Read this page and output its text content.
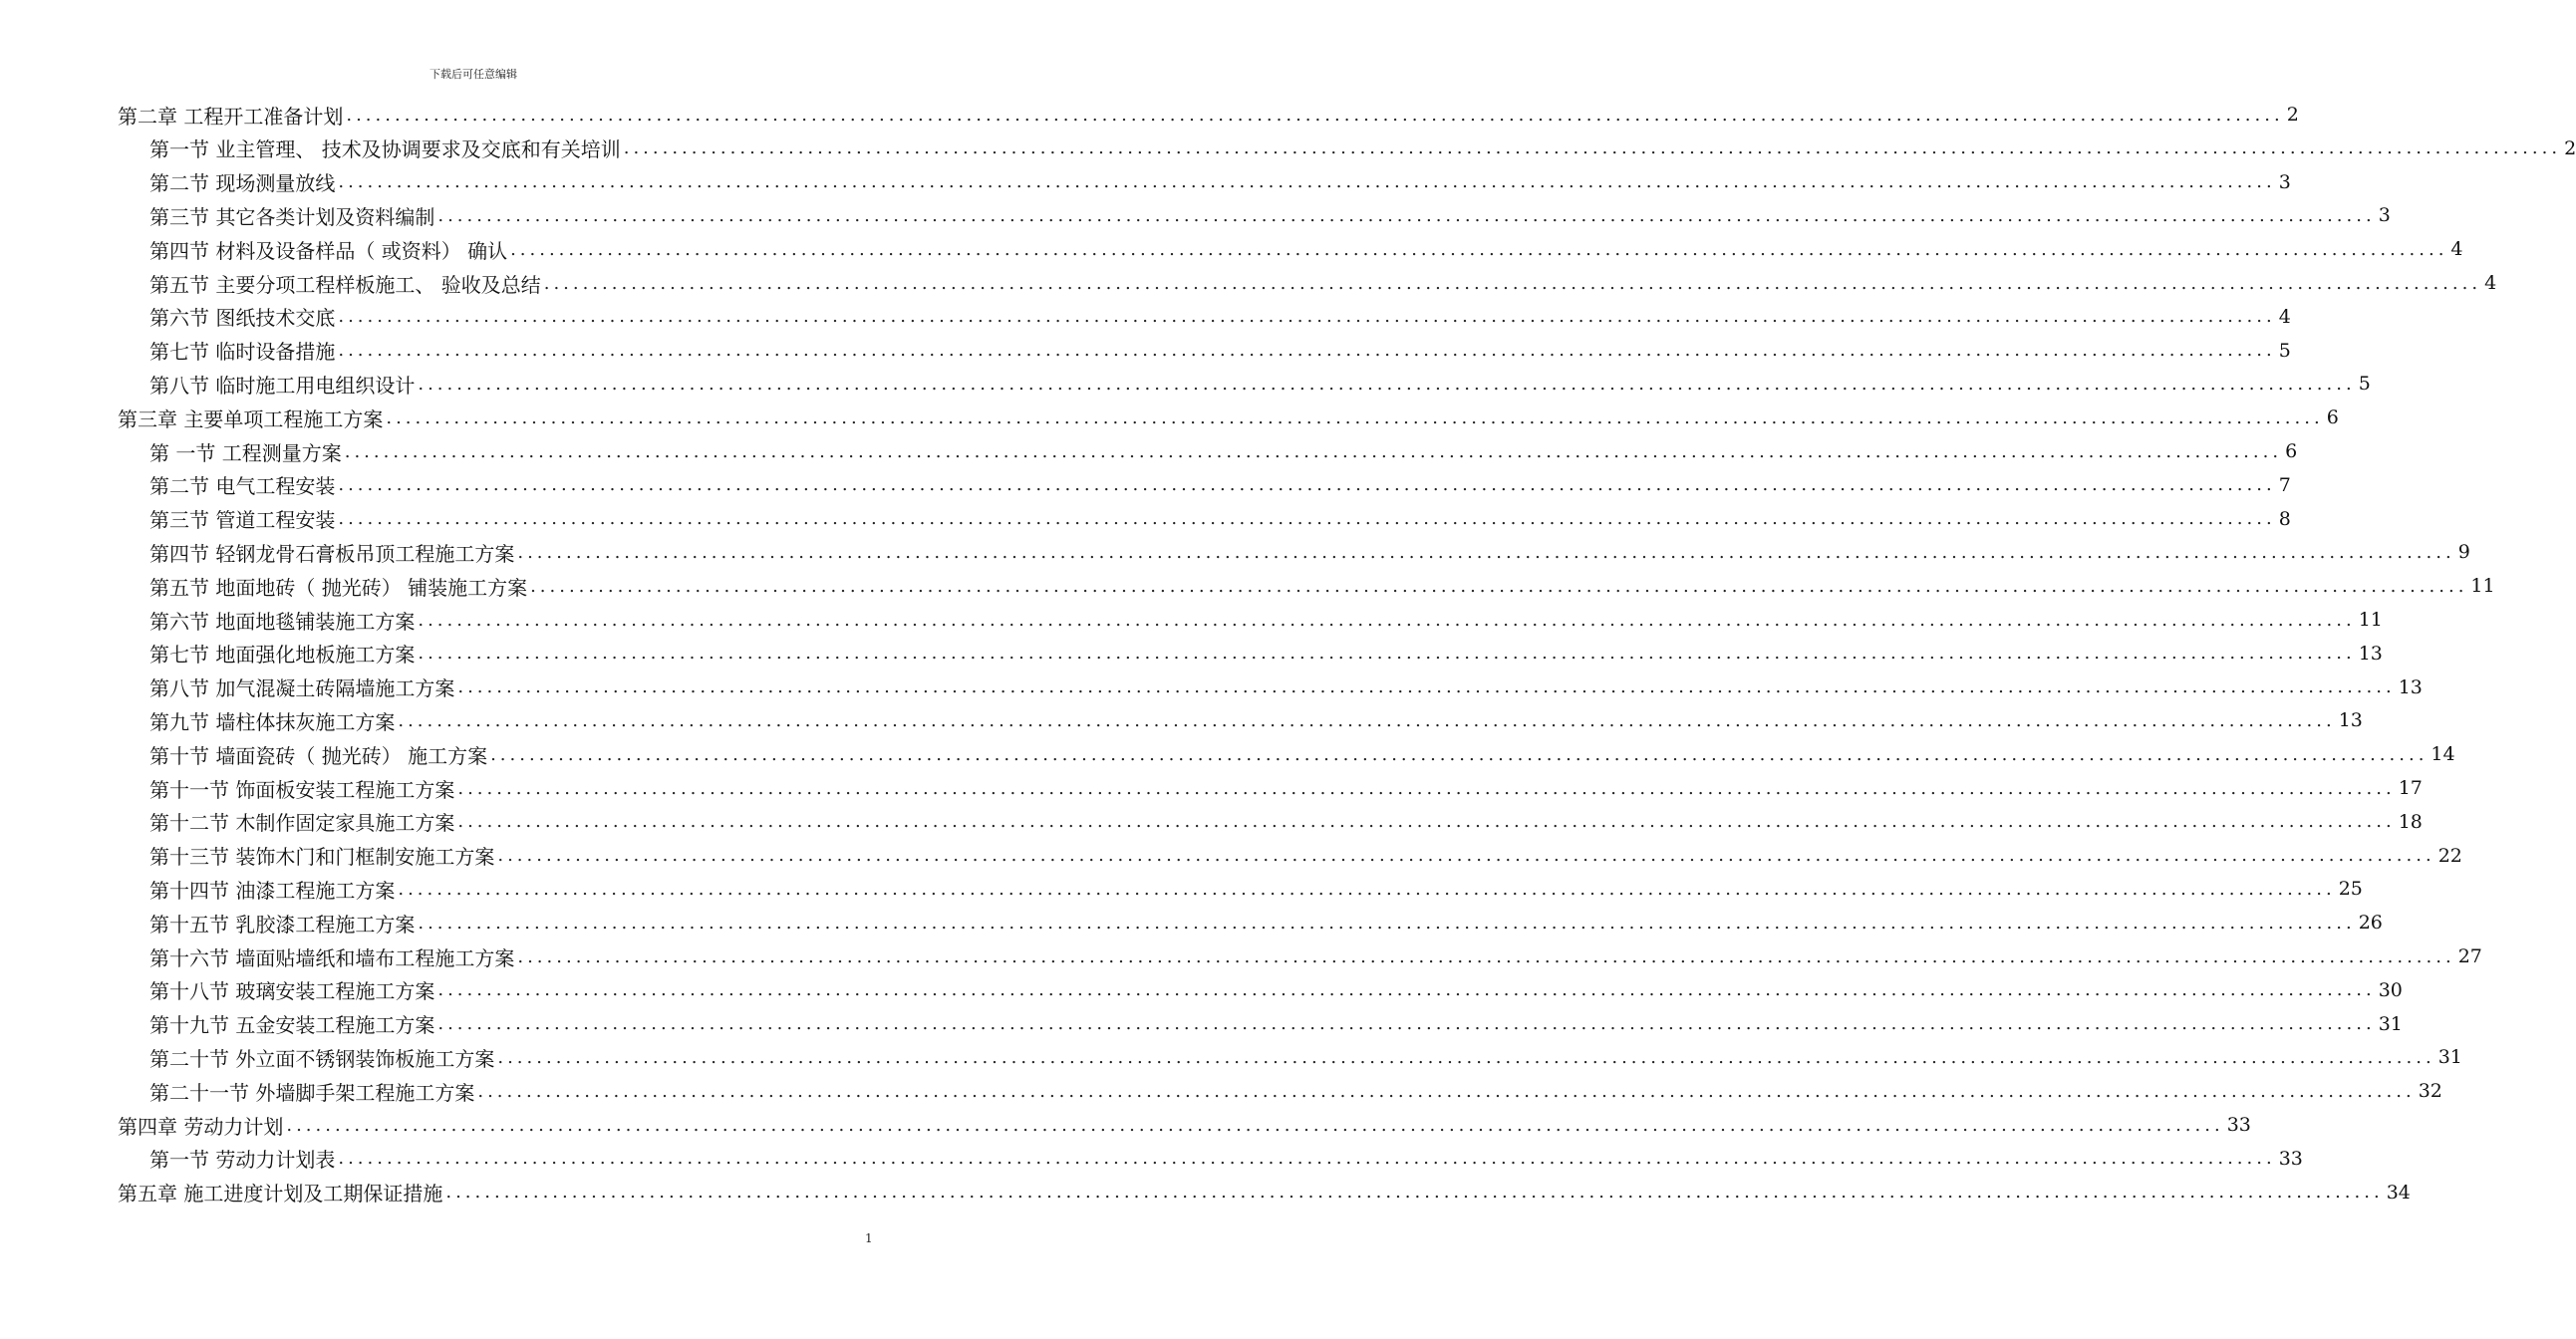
下载后可任意编辑
第二章 工程开工准备计划 ........................................................................................................................................................................................................ 2
第一节 业主管理、 技术及协调要求及交底和有关培训 ........................................................................................................................................................................................................ 2
第二节 现场测量放线 ........................................................................................................................................................................................................ 3
第三节 其它各类计划及资料编制 ........................................................................................................................................................................................................ 3
第四节 材料及设备样品（ 或资料） 确认 ........................................................................................................................................................................................................ 4
第五节 主要分项工程样板施工、 验收及总结 ........................................................................................................................................................................................................ 4
第六节 图纸技术交底 ........................................................................................................................................................................................................ 4
第七节 临时设备措施 ........................................................................................................................................................................................................ 5
第八节 临时施工用电组织设计 ........................................................................................................................................................................................................ 5
第三章 主要单项工程施工方案 ........................................................................................................................................................................................................ 6
第 一节 工程测量方案 ........................................................................................................................................................................................................ 6
第二节 电气工程安装 ........................................................................................................................................................................................................ 7
第三节 管道工程安装 ........................................................................................................................................................................................................ 8
第四节 轻钢龙骨石膏板吊顶工程施工方案 ........................................................................................................................................................................................................ 9
第五节 地面地砖（ 抛光砖） 铺装施工方案 ........................................................................................................................................................................................................ 11
第六节 地面地毯铺装施工方案 ........................................................................................................................................................................................................ 11
第七节 地面强化地板施工方案 ........................................................................................................................................................................................................ 13
第八节 加气混凝土砖隔墙施工方案 ........................................................................................................................................................................................................ 13
第九节 墙柱体抹灰施工方案 ........................................................................................................................................................................................................ 13
第十节 墙面瓷砖（ 抛光砖） 施工方案 ........................................................................................................................................................................................................ 14
第十一节 饰面板安装工程施工方案 ........................................................................................................................................................................................................ 17
第十二节 木制作固定家具施工方案 ........................................................................................................................................................................................................ 18
第十三节 装饰木门和门框制安施工方案 ........................................................................................................................................................................................................ 22
第十四节 油漆工程施工方案 ........................................................................................................................................................................................................ 25
第十五节 乳胶漆工程施工方案 ........................................................................................................................................................................................................ 26
第十六节 墙面贴墙纸和墙布工程施工方案 ........................................................................................................................................................................................................ 27
第十八节 玻璃安装工程施工方案 ........................................................................................................................................................................................................ 30
第十九节 五金安装工程施工方案 ........................................................................................................................................................................................................ 31
第二十节 外立面不锈钢装饰板施工方案 ........................................................................................................................................................................................................ 31
第二十一节 外墙脚手架工程施工方案 ........................................................................................................................................................................................................ 32
第四章 劳动力计划 ........................................................................................................................................................................................................ 33
第一节 劳动力计划表 ........................................................................................................................................................................................................ 33
第五章 施工进度计划及工期保证措施 ........................................................................................................................................................................................................ 34
1
